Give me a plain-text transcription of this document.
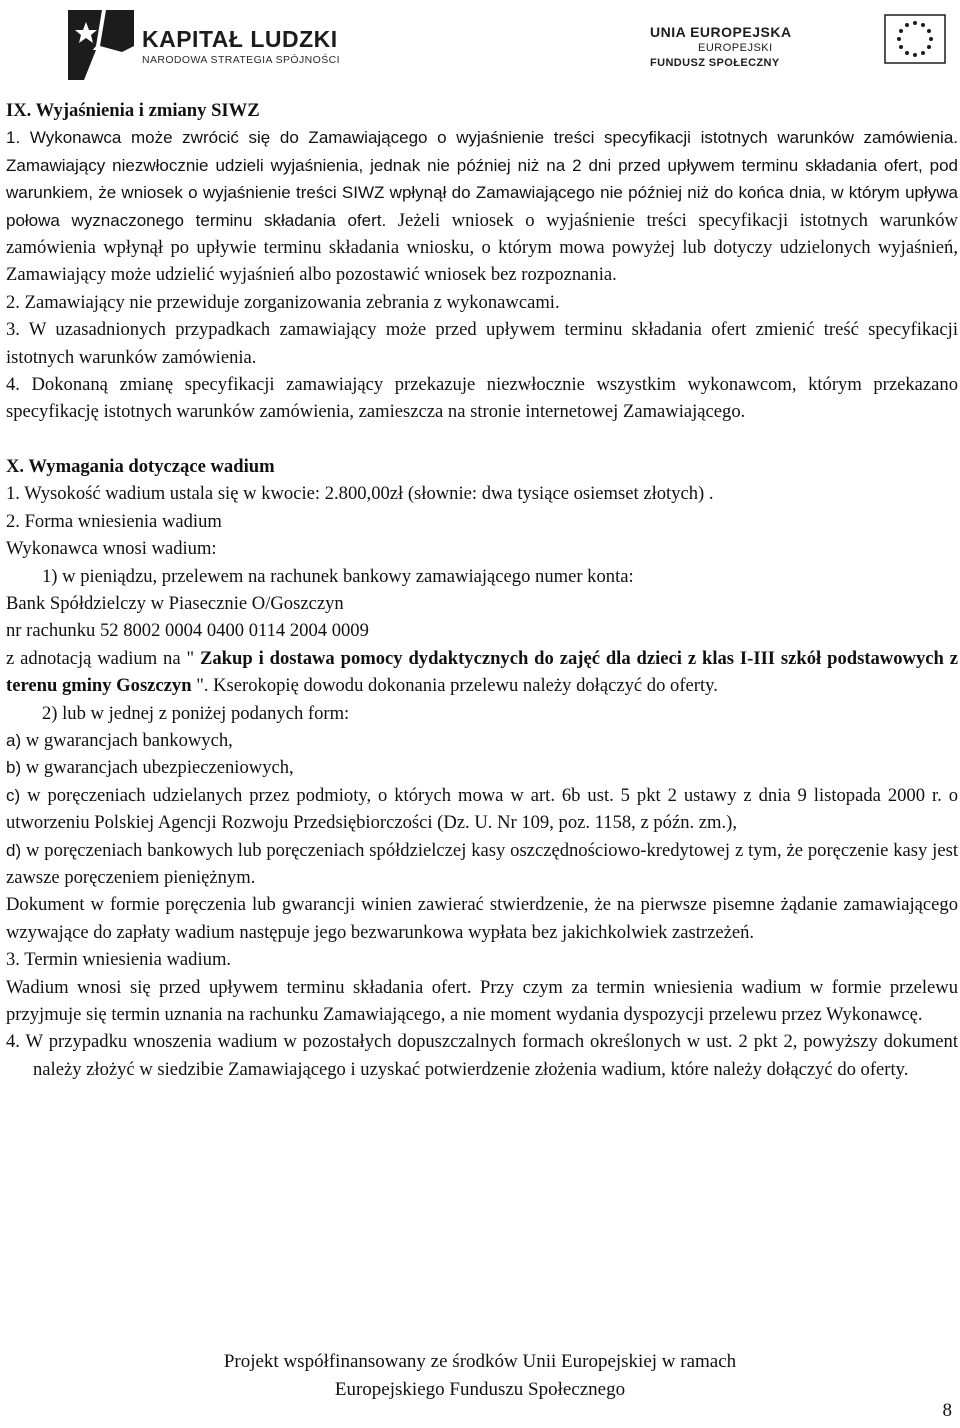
KAPITAŁ LUDZKI
NARODOWA STRATEGIA SPÓJNOŚCI
UNIA EUROPEJSKA
EUROPEJSKI
FUNDUSZ SPOŁECZNY

IX. Wyjaśnienia i zmiany SIWZ

1. Wykonawca może zwrócić się do Zamawiającego o wyjaśnienie treści specyfikacji istotnych warunków zamówienia. Zamawiający niezwłocznie udzieli wyjaśnienia, jednak nie później niż na 2 dni przed upływem terminu składania ofert, pod warunkiem, że wniosek o wyjaśnienie treści SIWZ wpłynął do Zamawiającego nie później niż do końca dnia, w którym upływa połowa wyznaczonego terminu składania ofert. Jeżeli wniosek o wyjaśnienie treści specyfikacji istotnych warunków zamówienia wpłynął po upływie terminu składania wniosku, o którym mowa powyżej lub dotyczy udzielonych wyjaśnień, Zamawiający może udzielić wyjaśnień albo pozostawić wniosek bez rozpoznania.

2. Zamawiający nie przewiduje zorganizowania zebrania z wykonawcami.

3. W uzasadnionych przypadkach zamawiający może przed upływem terminu składania ofert zmienić treść specyfikacji istotnych warunków zamówienia.

4. Dokonaną zmianę specyfikacji zamawiający przekazuje niezwłocznie wszystkim wykonawcom, którym przekazano specyfikację istotnych warunków zamówienia, zamieszcza na stronie internetowej Zamawiającego.

X. Wymagania dotyczące wadium

1. Wysokość wadium ustala się w kwocie: 2.800,00zł (słownie: dwa tysiące osiemset złotych) .

2. Forma wniesienia wadium

Wykonawca wnosi wadium:

1) w pieniądzu, przelewem na rachunek bankowy zamawiającego numer konta:

Bank Spółdzielczy w Piasecznie O/Goszczyn

nr rachunku 52 8002 0004 0400 0114 2004 0009

z adnotacją wadium na " Zakup i dostawa pomocy dydaktycznych do zajęć dla dzieci z klas I-III szkół podstawowych z terenu gminy Goszczyn ". Kserokopię dowodu dokonania przelewu należy dołączyć do oferty.

2) lub w jednej z poniżej podanych form:

a) w gwarancjach bankowych,

b) w gwarancjach ubezpieczeniowych,

c) w poręczeniach udzielanych przez podmioty, o których mowa w art. 6b ust. 5 pkt 2 ustawy z dnia 9 listopada 2000 r. o utworzeniu Polskiej Agencji Rozwoju Przedsiębiorczości (Dz. U. Nr 109, poz. 1158, z późn. zm.),

d) w poręczeniach bankowych lub poręczeniach spółdzielczej kasy oszczędnościowo-kredytowej z tym, że poręczenie kasy jest zawsze poręczeniem pieniężnym.

Dokument w formie poręczenia lub gwarancji winien zawierać stwierdzenie, że na pierwsze pisemne żądanie zamawiającego wzywające do zapłaty wadium następuje jego bezwarunkowa wypłata bez jakichkolwiek zastrzeżeń.

3. Termin wniesienia wadium.

Wadium wnosi się przed upływem terminu składania ofert. Przy czym za termin wniesienia wadium w formie przelewu przyjmuje się termin uznania na rachunku Zamawiającego, a nie moment wydania dyspozycji przelewu przez Wykonawcę.

4. W przypadku wnoszenia wadium w pozostałych dopuszczalnych formach określonych w ust. 2 pkt 2, powyższy dokument należy złożyć w siedzibie Zamawiającego i uzyskać potwierdzenie złożenia wadium, które należy dołączyć do oferty.

Projekt współfinansowany ze środków Unii Europejskiej w ramach
Europejskiego Funduszu Społecznego
8
